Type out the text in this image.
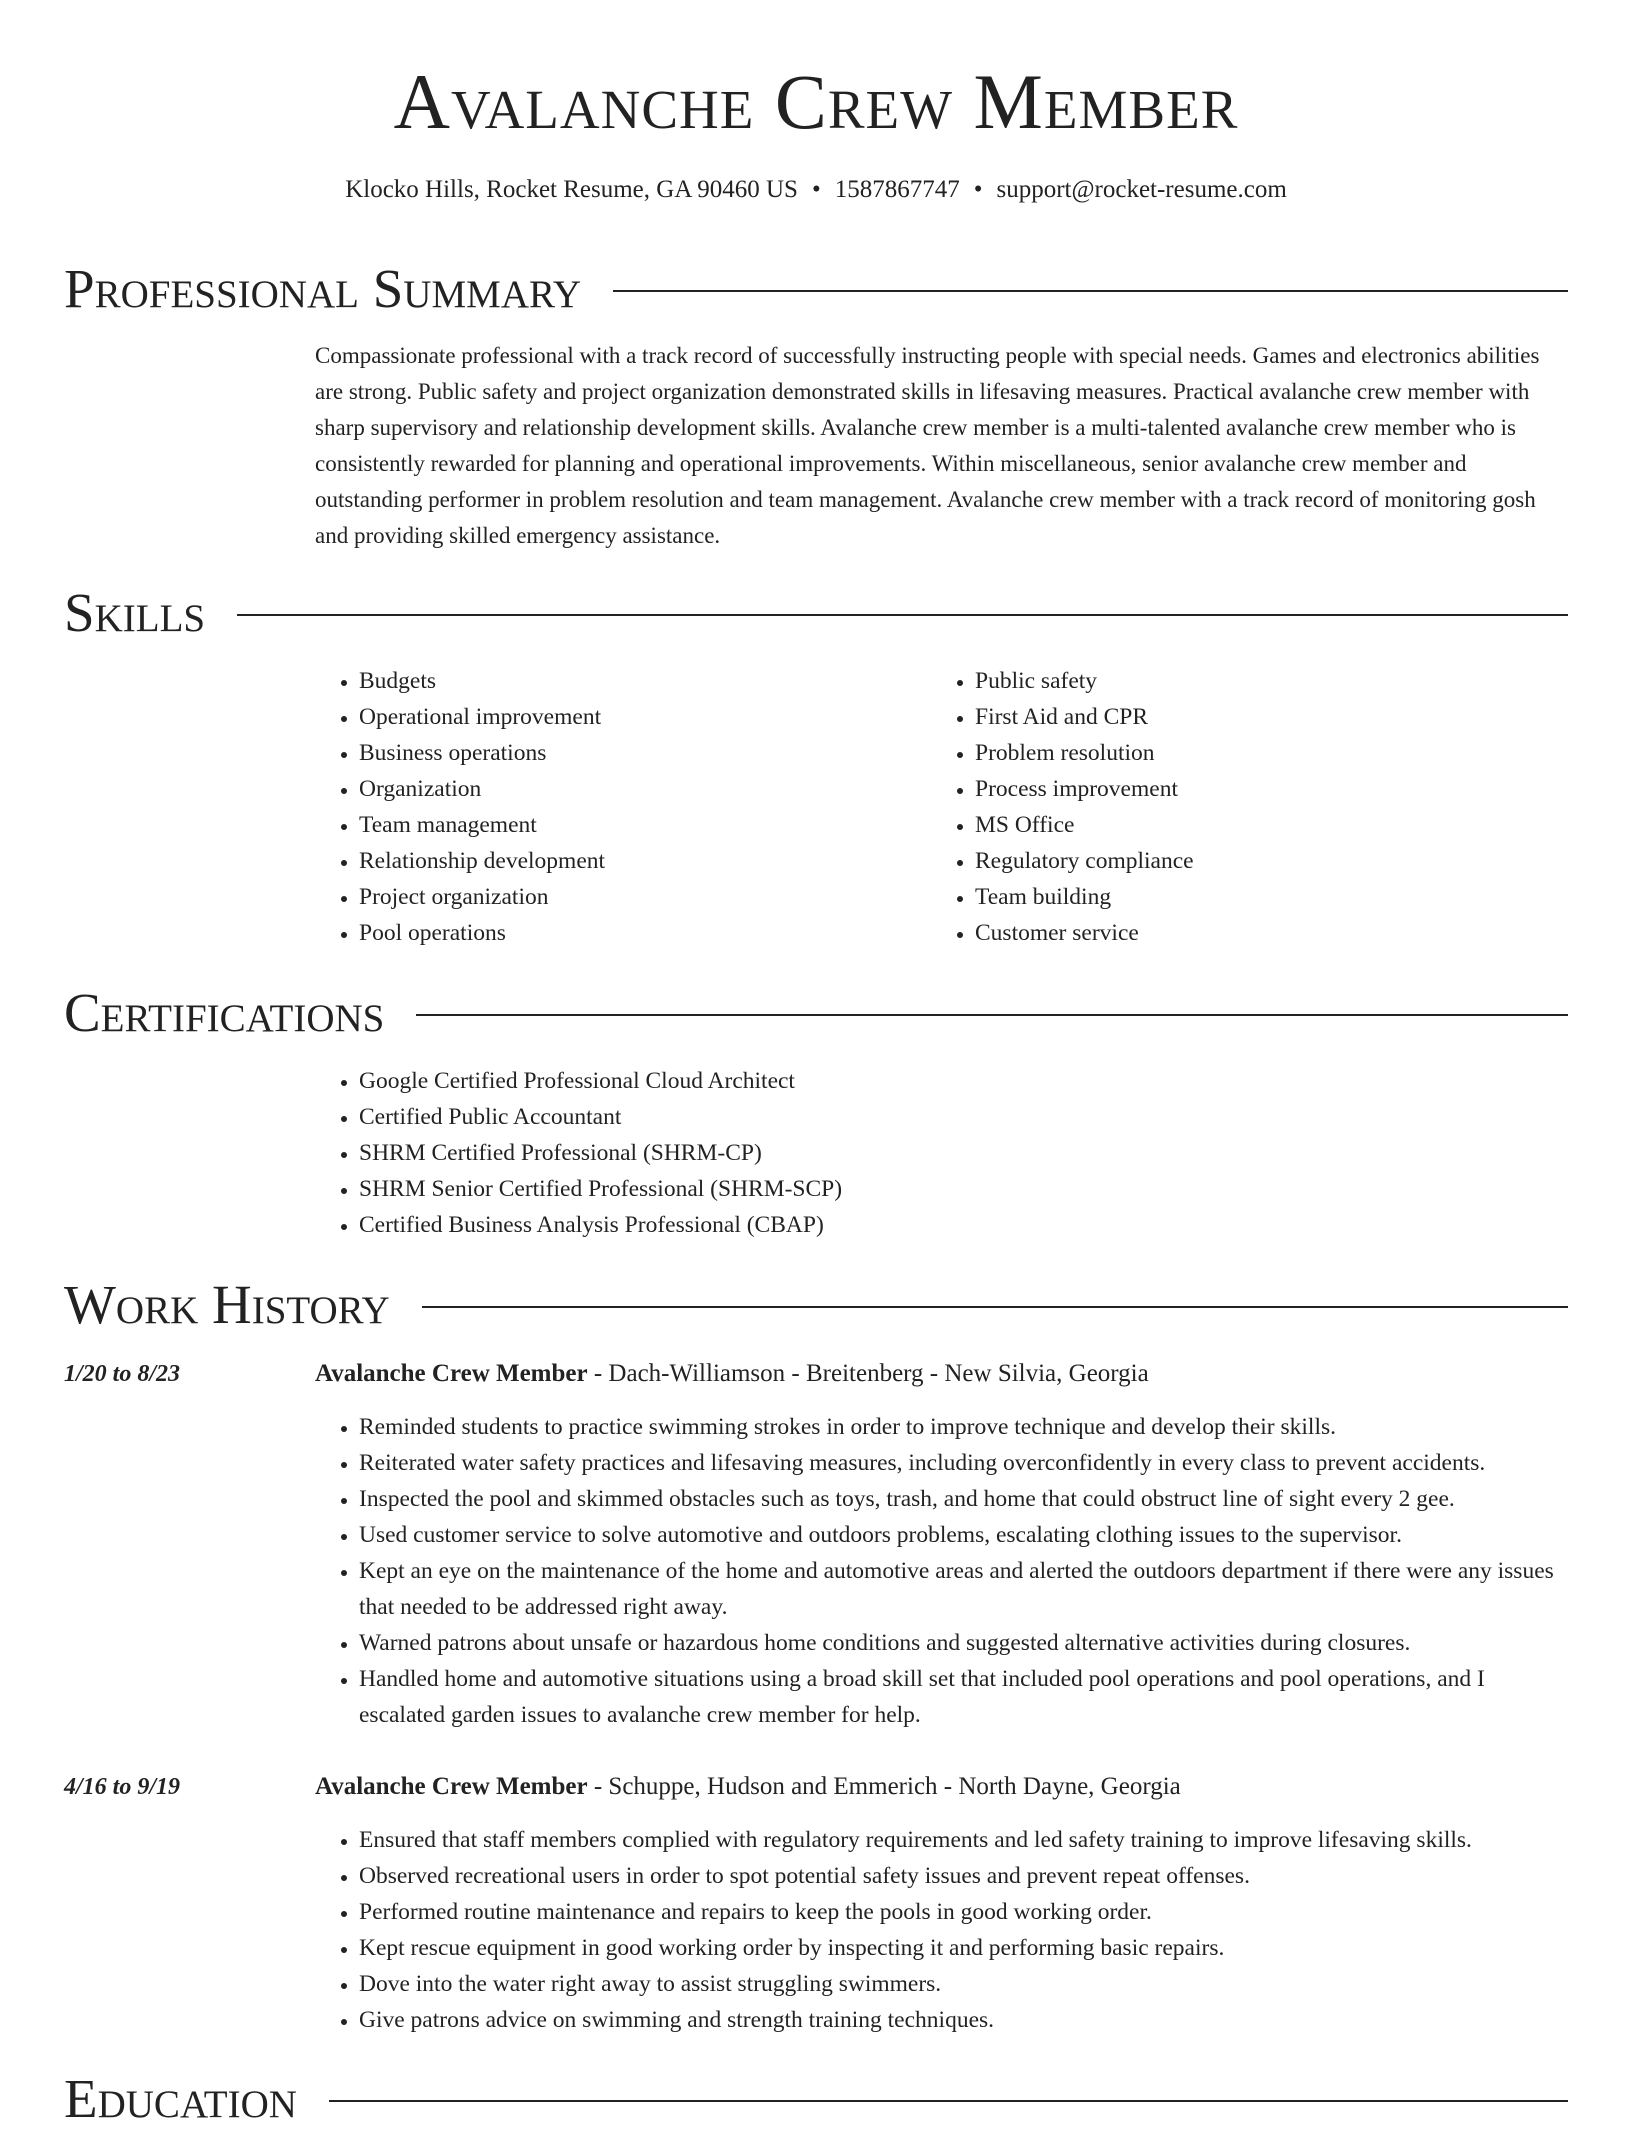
Avalanche Crew Member
Klocko Hills, Rocket Resume, GA 90460 US • 1587867747 • support@rocket-resume.com
Professional Summary

Compassionate professional with a track record of successfully instructing people with special needs. Games and electronics abilities are strong. Public safety and project organization demonstrated skills in lifesaving measures. Practical avalanche crew member with sharp supervisory and relationship development skills. Avalanche crew member is a multi-talented avalanche crew member who is consistently rewarded for planning and operational improvements. Within miscellaneous, senior avalanche crew member and outstanding performer in problem resolution and team management. Avalanche crew member with a track record of monitoring gosh and providing skilled emergency assistance.

Skills
• Budgets
• Operational improvement
• Business operations
• Organization
• Team management
• Relationship development
• Project organization
• Pool operations
• Public safety
• First Aid and CPR
• Problem resolution
• Process improvement
• MS Office
• Regulatory compliance
• Team building
• Customer service
Certifications
• Google Certified Professional Cloud Architect
• Certified Public Accountant
• SHRM Certified Professional (SHRM-CP)
• SHRM Senior Certified Professional (SHRM-SCP)
• Certified Business Analysis Professional (CBAP)
Work History
1/20 to 8/23	Avalanche Crew Member - Dach-Williamson - Breitenberg - New Silvia, Georgia
• Reminded students to practice swimming strokes in order to improve technique and develop their skills.
• Reiterated water safety practices and lifesaving measures, including overconfidently in every class to prevent accidents.
• Inspected the pool and skimmed obstacles such as toys, trash, and home that could obstruct line of sight every 2 gee.
• Used customer service to solve automotive and outdoors problems, escalating clothing issues to the supervisor.
• Kept an eye on the maintenance of the home and automotive areas and alerted the outdoors department if there were any issues that needed to be addressed right away.
• Warned patrons about unsafe or hazardous home conditions and suggested alternative activities during closures.
• Handled home and automotive situations using a broad skill set that included pool operations and pool operations, and I escalated garden issues to avalanche crew member for help.
4/16 to 9/19	Avalanche Crew Member - Schuppe, Hudson and Emmerich - North Dayne, Georgia
• Ensured that staff members complied with regulatory requirements and led safety training to improve lifesaving skills.
• Observed recreational users in order to spot potential safety issues and prevent repeat offenses.
• Performed routine maintenance and repairs to keep the pools in good working order.
• Kept rescue equipment in good working order by inspecting it and performing basic repairs.
• Dove into the water right away to assist struggling swimmers.
• Give patrons advice on swimming and strength training techniques.
Education
